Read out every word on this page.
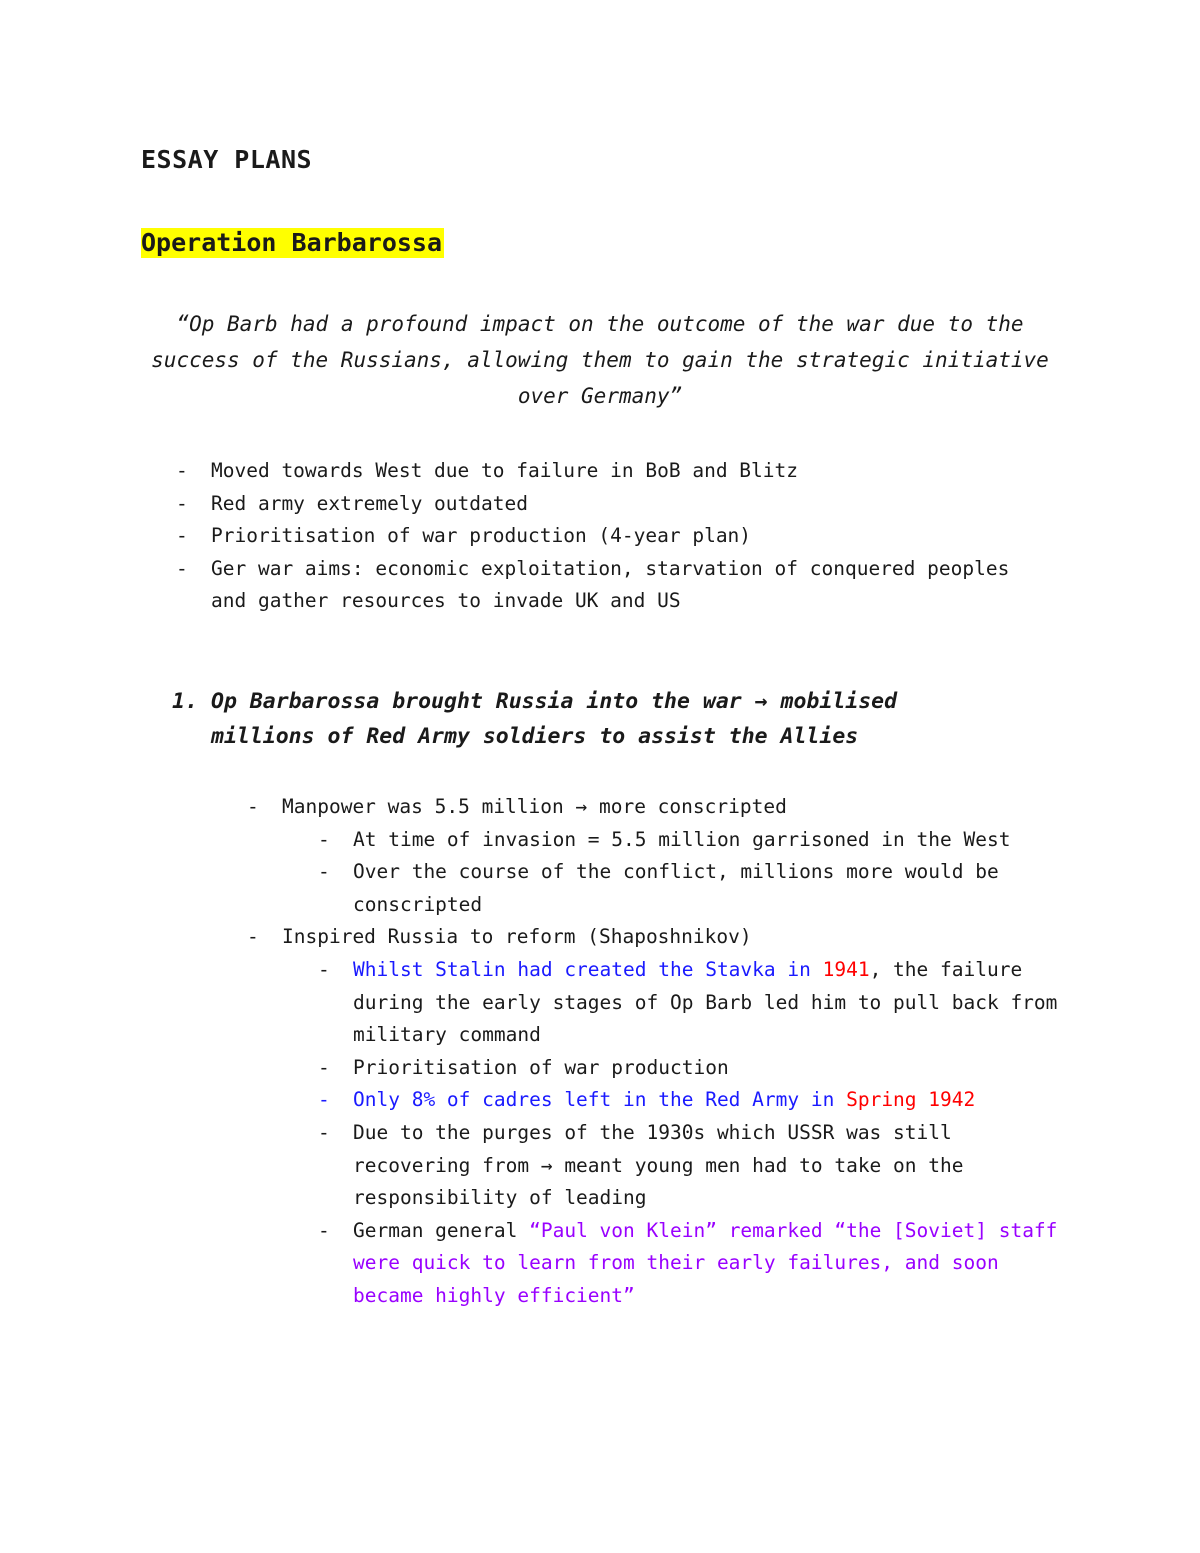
ESSAY PLANS
Operation Barbarossa

“Op Barb had a profound impact on the outcome of the war due to the success of the Russians, allowing them to gain the strategic initiative over Germany”

- Moved towards West due to failure in BoB and Blitz
- Red army extremely outdated
- Prioritisation of war production (4-year plan)
- Ger war aims: economic exploitation, starvation of conquered peoples and gather resources to invade UK and US

1. Op Barbarossa brought Russia into the war → mobilised millions of Red Army soldiers to assist the Allies

- Manpower was 5.5 million → more conscripted
- At time of invasion = 5.5 million garrisoned in the West
- Over the course of the conflict, millions more would be conscripted
- Inspired Russia to reform (Shaposhnikov)
- Whilst Stalin had created the Stavka in 1941, the failure during the early stages of Op Barb led him to pull back from military command
- Prioritisation of war production
- Only 8% of cadres left in the Red Army in Spring 1942
- Due to the purges of the 1930s which USSR was still recovering from → meant young men had to take on the responsibility of leading
- German general “Paul von Klein” remarked “the [Soviet] staff were quick to learn from their early failures, and soon became highly efficient”
